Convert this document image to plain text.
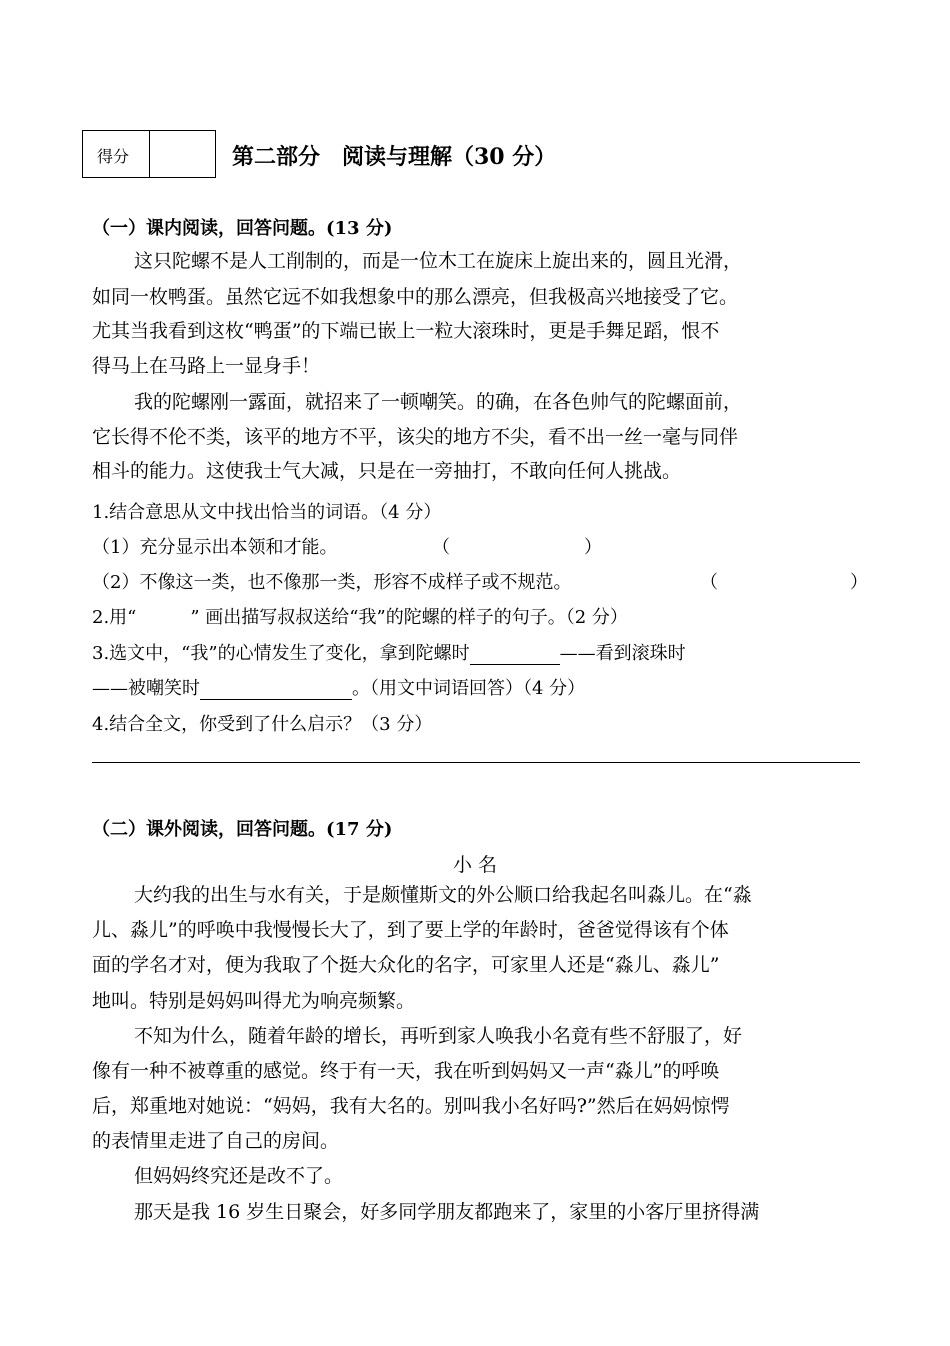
得分	第二部分　阅读与理解（30 分）
（一）课内阅读，回答问题。(13 分)
这只陀螺不是人工削制的，而是一位木工在旋床上旋出来的，圆且光滑，
如同一枚鸭蛋。虽然它远不如我想象中的那么漂亮，但我极高兴地接受了它。
尤其当我看到这枚“鸭蛋”的下端已嵌上一粒大滚珠时，更是手舞足蹈，恨不
得马上在马路上一显身手！
我的陀螺刚一露面，就招来了一顿嘲笑。的确，在各色帅气的陀螺面前，
它长得不伦不类，该平的地方不平，该尖的地方不尖，看不出一丝一毫与同伴
相斗的能力。这使我士气大减，只是在一旁抽打，不敢向任何人挑战。
1.结合意思从文中找出恰当的词语。（4 分）
（1）充分显示出本领和才能。	（	）
（2）不像这一类，也不像那一类，形容不成样子或不规范。	（	）
2.用“　　　” 画出描写叔叔送给“我”的陀螺的样子的句子。（2 分）
3.选文中，“我”的心情发生了变化，拿到陀螺时	——看到滚珠时
——被嘲笑时	。（用文中词语回答）（4 分）
4.结合全文，你受到了什么启示？（3 分）
（二）课外阅读，回答问题。(17 分)
小 名
大约我的出生与水有关，于是颇懂斯文的外公顺口给我起名叫淼儿。在“淼
儿、淼儿”的呼唤中我慢慢长大了，到了要上学的年龄时，爸爸觉得该有个体
面的学名才对，便为我取了个挺大众化的名字，可家里人还是“淼儿、淼儿”
地叫。特别是妈妈叫得尤为响亮频繁。
不知为什么，随着年龄的增长，再听到家人唤我小名竟有些不舒服了，好
像有一种不被尊重的感觉。终于有一天，我在听到妈妈又一声“淼儿”的呼唤
后，郑重地对她说：“妈妈，我有大名的。别叫我小名好吗?”然后在妈妈惊愕
的表情里走进了自己的房间。
但妈妈终究还是改不了。
那天是我 16 岁生日聚会，好多同学朋友都跑来了，家里的小客厅里挤得满
